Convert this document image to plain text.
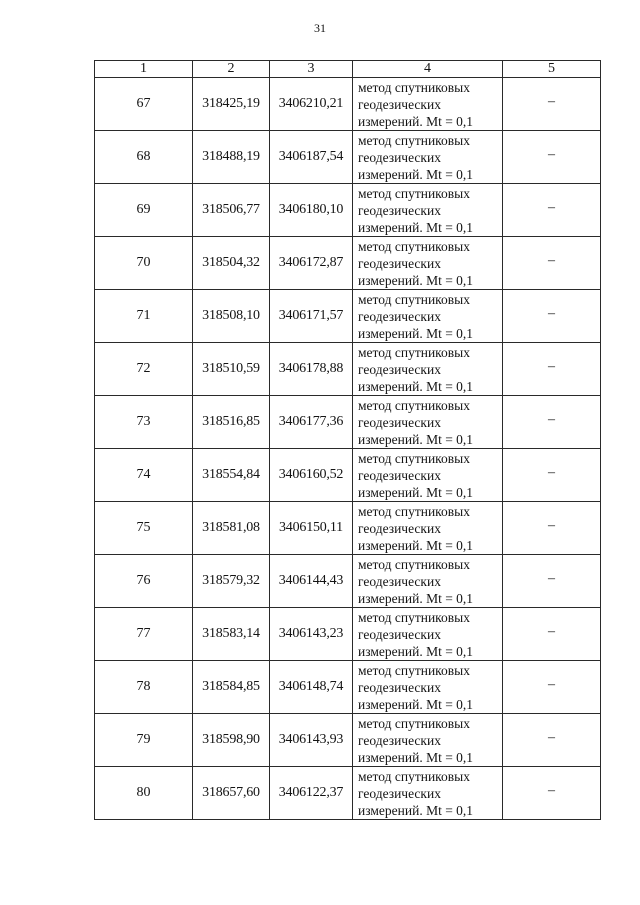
31
1	2	3	4	5
67	318425,19	3406210,21	метод спутниковых
геодезических
измерений. Mt = 0,1	–
68	318488,19	3406187,54	метод спутниковых
геодезических
измерений. Mt = 0,1	–
69	318506,77	3406180,10	метод спутниковых
геодезических
измерений. Mt = 0,1	–
70	318504,32	3406172,87	метод спутниковых
геодезических
измерений. Mt = 0,1	–
71	318508,10	3406171,57	метод спутниковых
геодезических
измерений. Mt = 0,1	–
72	318510,59	3406178,88	метод спутниковых
геодезических
измерений. Mt = 0,1	–
73	318516,85	3406177,36	метод спутниковых
геодезических
измерений. Mt = 0,1	–
74	318554,84	3406160,52	метод спутниковых
геодезических
измерений. Mt = 0,1	–
75	318581,08	3406150,11	метод спутниковых
геодезических
измерений. Mt = 0,1	–
76	318579,32	3406144,43	метод спутниковых
геодезических
измерений. Mt = 0,1	–
77	318583,14	3406143,23	метод спутниковых
геодезических
измерений. Mt = 0,1	–
78	318584,85	3406148,74	метод спутниковых
геодезических
измерений. Mt = 0,1	–
79	318598,90	3406143,93	метод спутниковых
геодезических
измерений. Mt = 0,1	–
80	318657,60	3406122,37	метод спутниковых
геодезических
измерений. Mt = 0,1	–
